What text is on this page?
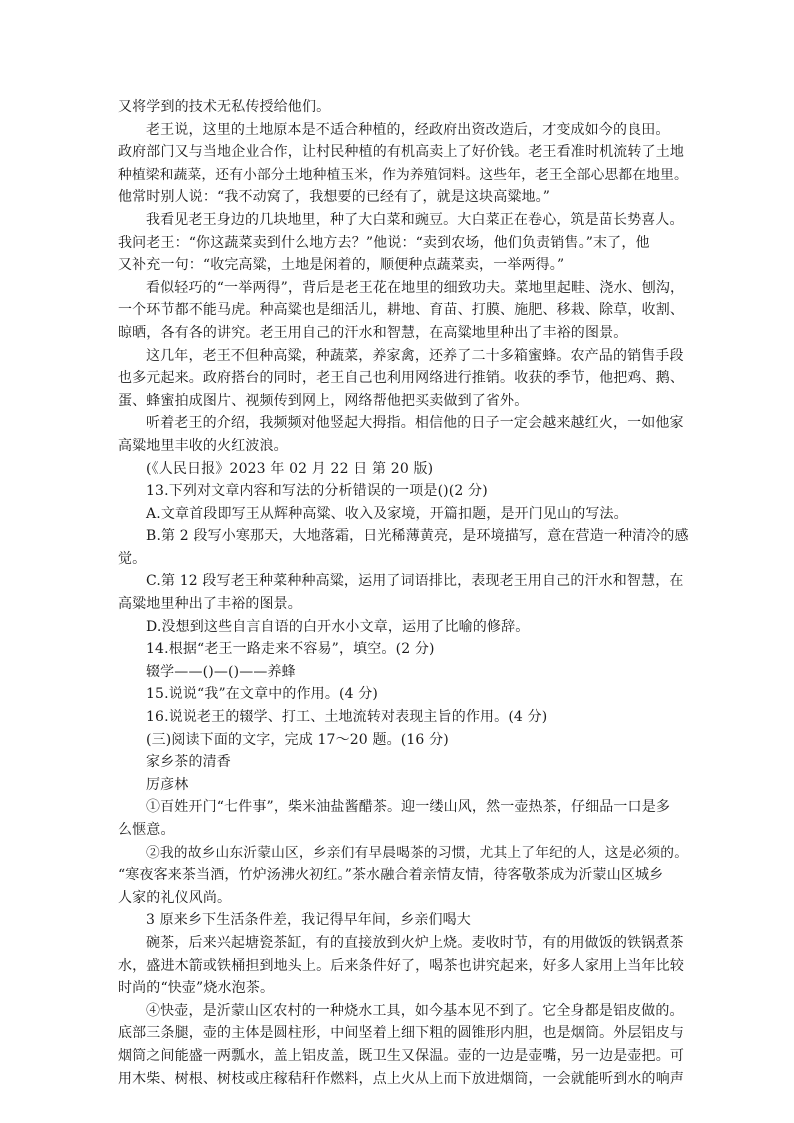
又将学到的技术无私传授给他们。
老王说，这里的土地原本是不适合种植的，经政府出资改造后，才变成如今的良田。
政府部门又与当地企业合作，让村民种植的有机高卖上了好价钱。老王看准时机流转了土地
种植梁和蔬菜，还有小部分土地种植玉米，作为养殖饲料。这些年，老王全部心思都在地里。
他常时别人说：“我不动窝了，我想要的已经有了，就是这块高粱地。”
我看见老王身边的几块地里，种了大白菜和豌豆。大白菜正在卷心，筑是苗长势喜人。
我问老王：“你这蔬菜卖到什么地方去？”他说：“卖到农场，他们负责销售。”末了，他
又补充一句：“收完高粱，土地是闲着的，顺便种点蔬菜卖，一举两得。”
看似轻巧的“一举两得”，背后是老王花在地里的细致功夫。菜地里起畦、浇水、刨沟，
一个环节都不能马虎。种高粱也是细活儿，耕地、育苗、打膜、施肥、移栽、除草，收割、
晾晒，各有各的讲究。老王用自己的汗水和智慧，在高粱地里种出了丰裕的图景。
这几年，老王不但种高粱，种蔬菜，养家禽，还养了二十多箱蜜蜂。农产品的销售手段
也多元起来。政府搭台的同时，老王自己也利用网络进行推销。收获的季节，他把鸡、鹅、
蛋、蜂蜜拍成图片、视频传到网上，网络帮他把买卖做到了省外。
听着老王的介绍，我频频对他竖起大拇指。相信他的日子一定会越来越红火，一如他家
高粱地里丰收的火红波浪。
(《人民日报》2023 年 02 月 22 日 第 20 版)
13.下列对文章内容和写法的分析错误的一项是()(2 分)
A.文章首段即写王从辉种高粱、收入及家境，开篇扣题，是开门见山的写法。
B.第 2 段写小寒那天，大地落霜，日光稀薄黄亮，是环境描写，意在营造一种清冷的感
觉。
C.第 12 段写老王种菜种种高粱，运用了词语排比，表现老王用自己的汗水和智慧，在
高粱地里种出了丰裕的图景。
D.没想到这些自言自语的白开水小文章，运用了比喻的修辞。
14.根据“老王一路走来不容易”，填空。(2 分)
辍学——()—()——养蜂
15.说说“我”在文章中的作用。(4 分)
16.说说老王的辍学、打工、土地流转对表现主旨的作用。(4 分)
(三)阅读下面的文字，完成 17～20 题。(16 分)
家乡茶的清香
厉彦林
①百姓开门“七件事”，柴米油盐酱醋茶。迎一缕山风，然一壶热茶，仔细品一口是多
么惬意。
②我的故乡山东沂蒙山区，乡亲们有早晨喝茶的习惯，尤其上了年纪的人，这是必须的。
“寒夜客来茶当酒，竹炉汤沸火初红。”茶水融合着亲情友情，待客敬茶成为沂蒙山区城乡
人家的礼仪风尚。
3 原来乡下生活条件差，我记得早年间，乡亲们喝大
碗茶，后来兴起塘瓷茶缸，有的直接放到火炉上烧。麦收时节，有的用做饭的铁锅煮茶
水，盛进木箭或铁桶担到地头上。后来条件好了，喝茶也讲究起来，好多人家用上当年比较
时尚的“快壶”烧水泡茶。
④快壶，是沂蒙山区农村的一种烧水工具，如今基本见不到了。它全身都是铝皮做的。
底部三条腿，壶的主体是圆柱形，中间坚着上细下粗的圆锥形内胆，也是烟筒。外层铝皮与
烟筒之间能盛一两瓢水，盖上铝皮盖，既卫生又保温。壶的一边是壶嘴，另一边是壶把。可
用木柴、树根、树枝或庄稼秸秆作燃料，点上火从上而下放进烟筒，一会就能听到水的响声
